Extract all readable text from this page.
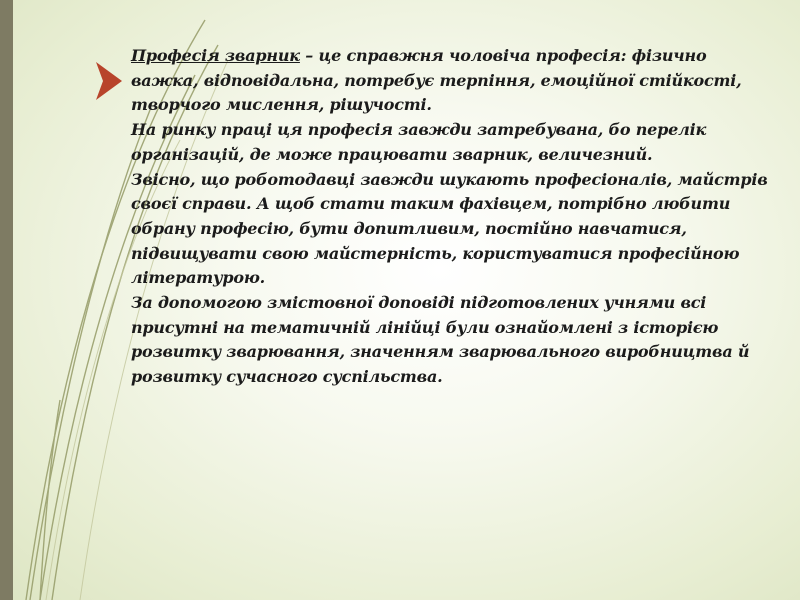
Професія зварник – це справжня чоловіча професія: фізично важка, відповідальна, потребує терпіння, емоційної стійкості, творчого мислення, рішучості.

На ринку праці ця професія завжди затребувана, бо перелік організацій, де може працювати зварник, величезний.

Звісно, що роботодавці завжди шукають професіоналів, майстрів своєї справи. А щоб стати таким фахівцем, потрібно любити обрану професію, бути допитливим, постійно навчатися, підвищувати свою майстерність, користуватися професійною літературою.

За допомогою змістовної доповіді підготовлених учнями всі присутні на тематичній лінійці були ознайомлені з історією розвитку зварювання, значенням зварювального виробництва й розвитку сучасного суспільства.
